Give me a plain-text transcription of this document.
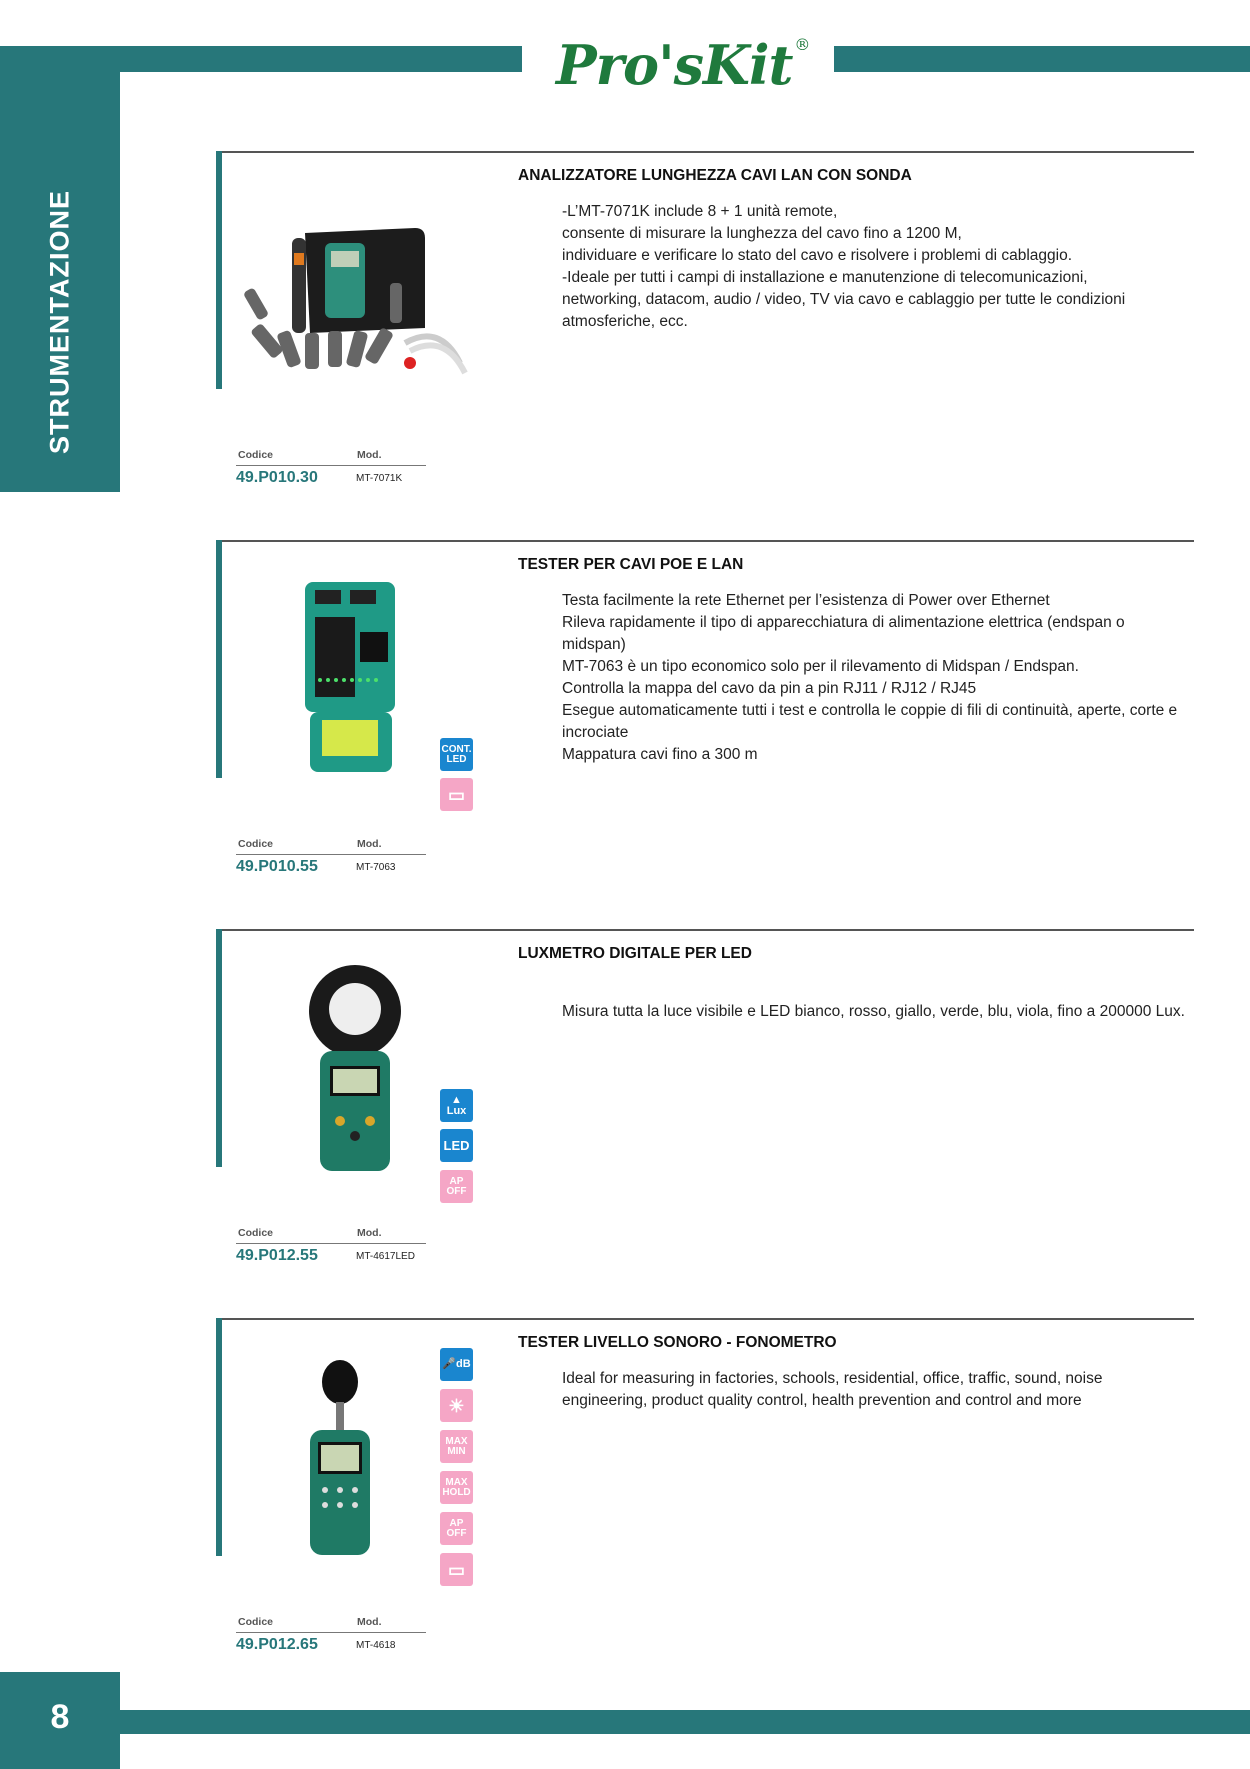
Pro'sKit ®
STRUMENTAZIONE
8
ANALIZZATORE LUNGHEZZA CAVI LAN CON SONDA
-L’MT-7071K include 8 + 1 unità remote,
consente di misurare la lunghezza del cavo fino a 1200 M,
individuare e verificare lo stato del cavo e risolvere i problemi di cablaggio.
-Ideale per tutti i campi di installazione e manutenzione di telecomunicazioni,
networking, datacom, audio / video, TV via cavo e cablaggio per tutte le condizioni
atmosferiche, ecc.
Codice	Mod.
49.P010.30	MT-7071K
CONT.
LED
▭
TESTER PER CAVI POE E LAN
Testa facilmente la rete Ethernet per l’esistenza di Power over Ethernet
Rileva rapidamente il tipo di apparecchiatura di alimentazione elettrica (endspan o
midspan)
MT-7063 è un tipo economico solo per il rilevamento di Midspan / Endspan.
Controlla la mappa del cavo da pin a pin RJ11 / RJ12 / RJ45
Esegue automaticamente tutti i test e controlla le coppie di fili di continuità, aperte, corte e
incrociate
Mappatura cavi fino a 300 m
Codice	Mod.
49.P010.55	MT-7063
▲
Lux
LED
AP
OFF
LUXMETRO DIGITALE PER LED
Misura tutta la luce visibile e LED bianco, rosso, giallo, verde, blu, viola, fino a 200000 Lux.
Codice	Mod.
49.P012.55	MT-4617LED
🎤dB
☀
MAX
MIN
MAX
HOLD
AP
OFF
▭
TESTER LIVELLO SONORO - FONOMETRO
Ideal for measuring in factories, schools, residential, office, traffic, sound, noise
engineering, product quality control, health prevention and control and more
Codice	Mod.
49.P012.65	MT-4618
